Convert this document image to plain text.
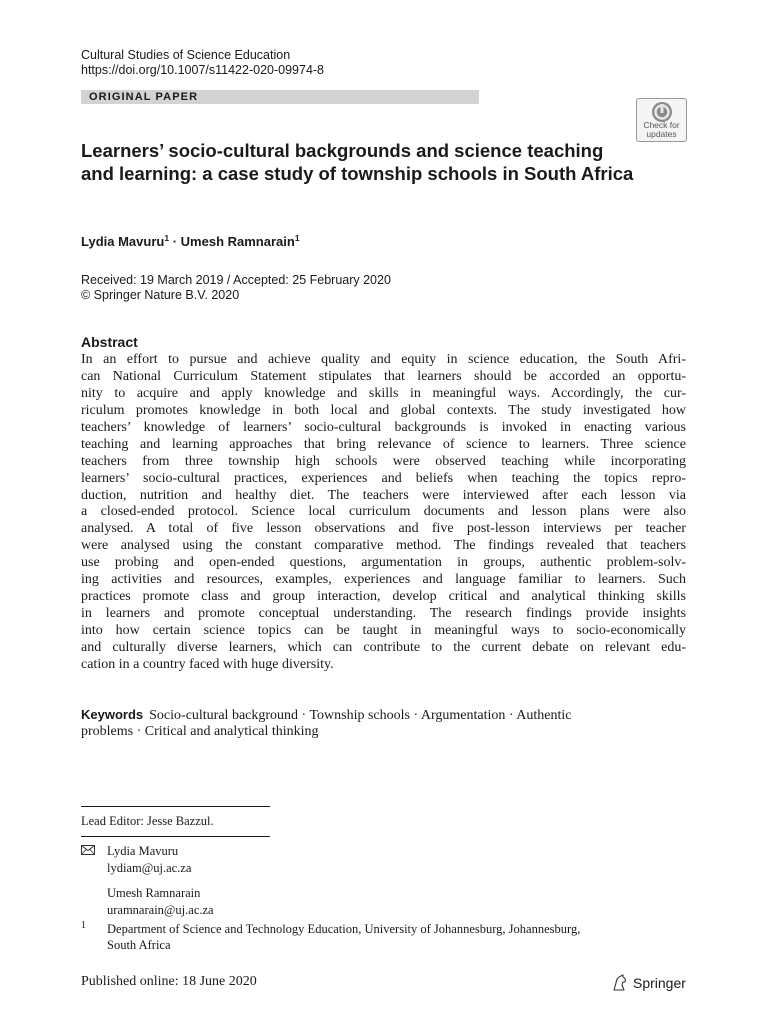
Cultural Studies of Science Education
https://doi.org/10.1007/s11422-020-09974-8
ORIGINAL PAPER
Check for
updates
Learners’ socio-cultural backgrounds and science teaching and learning: a case study of township schools in South Africa
Lydia Mavuru$^1$ · Umesh Ramnarain$^1$
Received: 19 March 2019 / Accepted: 25 February 2020
© Springer Nature B.V. 2020
Abstract
In an effort to pursue and achieve quality and equity in science education, the South Afri-
can National Curriculum Statement stipulates that learners should be accorded an opportu-
nity to acquire and apply knowledge and skills in meaningful ways. Accordingly, the cur-
riculum promotes knowledge in both local and global contexts. The study investigated how
teachers’ knowledge of learners’ socio-cultural backgrounds is invoked in enacting various
teaching and learning approaches that bring relevance of science to learners. Three science
teachers from three township high schools were observed teaching while incorporating
learners’ socio-cultural practices, experiences and beliefs when teaching the topics repro-
duction, nutrition and healthy diet. The teachers were interviewed after each lesson via
a closed-ended protocol. Science local curriculum documents and lesson plans were also
analysed. A total of five lesson observations and five post-lesson interviews per teacher
were analysed using the constant comparative method. The findings revealed that teachers
use probing and open-ended questions, argumentation in groups, authentic problem-solv-
ing activities and resources, examples, experiences and language familiar to learners. Such
practices promote class and group interaction, develop critical and analytical thinking skills
in learners and promote conceptual understanding. The research findings provide insights
into how certain science topics can be taught in meaningful ways to socio-economically
and culturally diverse learners, which can contribute to the current debate on relevant edu-
cation in a country faced with huge diversity.
Keywords Socio-cultural background · Township schools · Argumentation · Authentic
problems · Critical and analytical thinking
Lead Editor: Jesse Bazzul.
Lydia Mavuru
lydiam@uj.ac.za
Umesh Ramnarain
uramnarain@uj.ac.za
1 Department of Science and Technology Education, University of Johannesburg, Johannesburg,
South Africa
Published online: 18 June 2020	Springer
